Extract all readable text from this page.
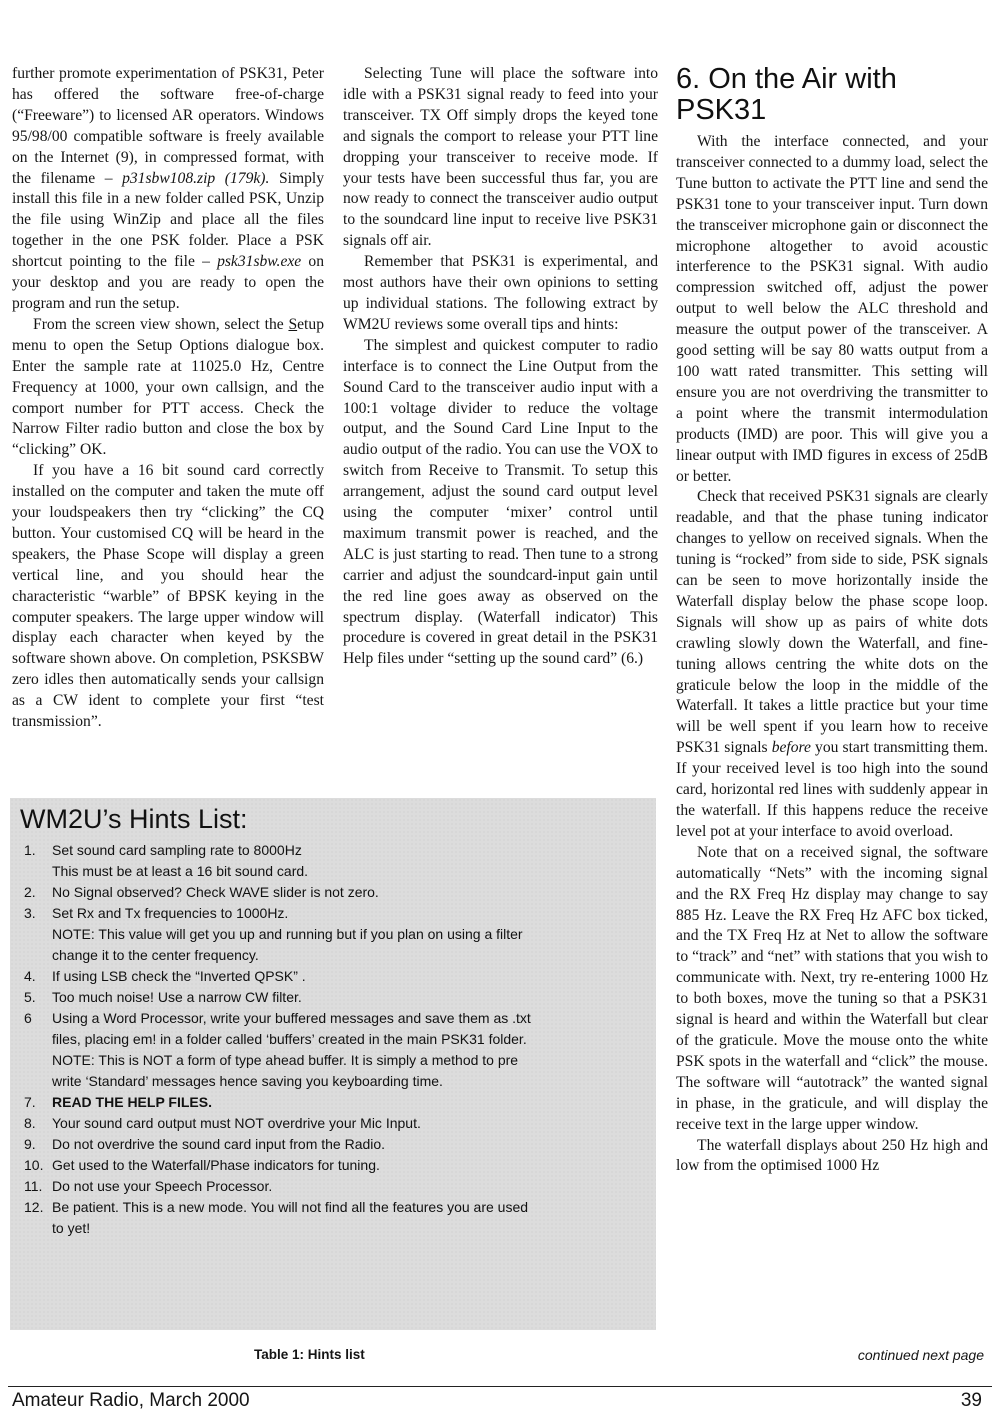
further promote experimentation of PSK31, Peter has offered the software free-of-charge (“Freeware”) to licensed AR operators. Windows 95/98/00 compatible software is freely available on the Internet (9), in compressed format, with the filename – p31sbw108.zip (179k). Simply install this file in a new folder called PSK, Unzip the file using WinZip and place all the files together in the one PSK folder. Place a PSK shortcut pointing to the file – psk31sbw.exe on your desktop and you are ready to open the program and run the setup.

From the screen view shown, select the Setup menu to open the Setup Options dialogue box. Enter the sample rate at 11025.0 Hz, Centre Frequency at 1000, your own callsign, and the comport number for PTT access. Check the Narrow Filter radio button and close the box by “clicking” OK.

If you have a 16 bit sound card correctly installed on the computer and taken the mute off your loudspeakers then try “clicking” the CQ button. Your customised CQ will be heard in the speakers, the Phase Scope will display a green vertical line, and you should hear the characteristic “warble” of BPSK keying in the computer speakers. The large upper window will display each character when keyed by the software shown above. On completion, PSKSBW zero idles then automatically sends your callsign as a CW ident to complete your first “test transmission”.

Selecting Tune will place the software into idle with a PSK31 signal ready to feed into your transceiver. TX Off simply drops the keyed tone and signals the comport to release your PTT line dropping your transceiver to receive mode. If your tests have been successful thus far, you are now ready to connect the transceiver audio output to the soundcard line input to receive live PSK31 signals off air.

Remember that PSK31 is experimental, and most authors have their own opinions to setting up individual stations. The following extract by WM2U reviews some overall tips and hints:

The simplest and quickest computer to radio interface is to connect the Line Output from the Sound Card to the transceiver audio input with a 100:1 voltage divider to reduce the voltage output, and the Sound Card Line Input to the audio output of the radio. You can use the VOX to switch from Receive to Transmit. To setup this arrangement, adjust the sound card output level using the computer ‘mixer’ control until maximum transmit power is reached, and the ALC is just starting to read. Then tune to a strong carrier and adjust the soundcard-input gain until the red line goes away as observed on the spectrum display. (Waterfall indicator) This procedure is covered in great detail in the PSK31 Help files under “setting up the sound card” (6.)

6. On the Air with PSK31

With the interface connected, and your transceiver connected to a dummy load, select the Tune button to activate the PTT line and send the PSK31 tone to your transceiver input. Turn down the transceiver microphone gain or disconnect the microphone altogether to avoid acoustic interference to the PSK31 signal. With audio compression switched off, adjust the power output to well below the ALC threshold and measure the output power of the transceiver. A good setting will be say 80 watts output from a 100 watt rated transmitter. This setting will ensure you are not overdriving the transmitter to a point where the transmit intermodulation products (IMD) are poor. This will give you a linear output with IMD figures in excess of 25dB or better.

Check that received PSK31 signals are clearly readable, and that the phase tuning indicator changes to yellow on received signals. When the tuning is “rocked” from side to side, PSK signals can be seen to move horizontally inside the Waterfall display below the phase scope loop. Signals will show up as pairs of white dots crawling slowly down the Waterfall, and fine-tuning allows centring the white dots on the graticule below the loop in the middle of the Waterfall. It takes a little practice but your time will be well spent if you learn how to receive PSK31 signals before you start transmitting them. If your received level is too high into the sound card, horizontal red lines with suddenly appear in the waterfall. If this happens reduce the receive level pot at your interface to avoid overload.

Note that on a received signal, the software automatically “Nets” with the incoming signal and the RX Freq Hz display may change to say 885 Hz. Leave the RX Freq Hz AFC box ticked, and the TX Freq Hz at Net to allow the software to “track” and “net” with stations that you wish to communicate with. Next, try re-entering 1000 Hz to both boxes, move the tuning so that a PSK31 signal is heard and within the Waterfall but clear of the graticule. Move the mouse onto the white PSK spots in the waterfall and “click” the mouse. The software will “autotrack” the wanted signal in phase, in the graticule, and will display the receive text in the large upper window.

The waterfall displays about 250 Hz high and low from the optimised 1000 Hz

WM2U’s Hints List:
1.	Set sound card sampling rate to 8000Hz
This must be at least a 16 bit sound card.
2.	No Signal observed? Check WAVE slider is not zero.
3.	Set Rx and Tx frequencies to 1000Hz.
NOTE: This value will get you up and running but if you plan on using a filter
change it to the center frequency.
4.	If using LSB check the “Inverted QPSK” .
5.	Too much noise! Use a narrow CW filter.
6	Using a Word Processor, write your buffered messages and save them as .txt
files, placing em! in a folder called ‘buffers’ created in the main PSK31 folder.
NOTE: This is NOT a form of type ahead buffer. It is simply a method to pre
write ‘Standard’ messages hence saving you keyboarding time.
7.	READ THE HELP FILES.
8.	Your sound card output must NOT overdrive your Mic Input.
9.	Do not overdrive the sound card input from the Radio.
10. Get used to the Waterfall/Phase indicators for tuning.
11. Do not use your Speech Processor.
12. Be patient. This is a new mode. You will not find all the features you are used
to yet!

Table 1: Hints list	continued next page

Amateur Radio, March 2000	39
